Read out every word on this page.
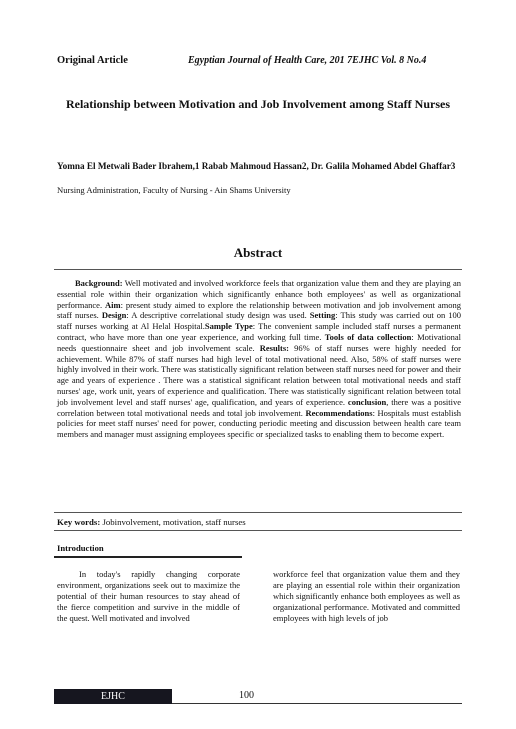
Original Article	Egyptian Journal of Health Care, 201 7EJHC Vol. 8 No.4
Relationship between Motivation and Job Involvement among Staff Nurses
Yomna El Metwali Bader Ibrahem,1 Rabab Mahmoud Hassan2, Dr. Galila Mohamed Abdel Ghaffar3
Nursing Administration, Faculty of Nursing - Ain Shams University
Abstract
Background: Well motivated and involved workforce feels that organization value them and they are playing an essential role within their organization which significantly enhance both employees' as well as organizational performance. Aim: present study aimed to explore the relationship between motivation and job involvement among staff nurses. Design: A descriptive correlational study design was used. Setting: This study was carried out on 100 staff nurses working at Al Helal Hospital.Sample Type: The convenient sample included staff nurses a permanent contract, who have more than one year experience, and working full time. Tools of data collection: Motivational needs questionnaire sheet and job involvement scale. Results: 96% of staff nurses were highly needed for achievement. While 87% of staff nurses had high level of total motivational need. Also, 58% of staff nurses were highly involved in their work. There was statistically significant relation between staff nurses need for power and their age and years of experience . There was a statistical significant relation between total motivational needs and staff nurses' age, work unit, years of experience and qualification. There was statistically significant relation between total job involvement level and staff nurses' age, qualification, and years of experience. conclusion, there was a positive correlation between total motivational needs and total job involvement. Recommendations: Hospitals must establish policies for meet staff nurses' need for power, conducting periodic meeting and discussion between health care team members and manager must assigning employees specific or specialized tasks to enabling them to become expert.
Key words: Jobinvolvement, motivation, staff nurses
Introduction
In today's rapidly changing corporate environment, organizations seek out to maximize the potential of their human resources to stay ahead of the fierce competition and survive in the middle of the quest. Well motivated and involved
workforce feel that organization value them and they are playing an essential role within their organization which significantly enhance both employees as well as organizational performance. Motivated and committed employees with high levels of job
EJHC	100
